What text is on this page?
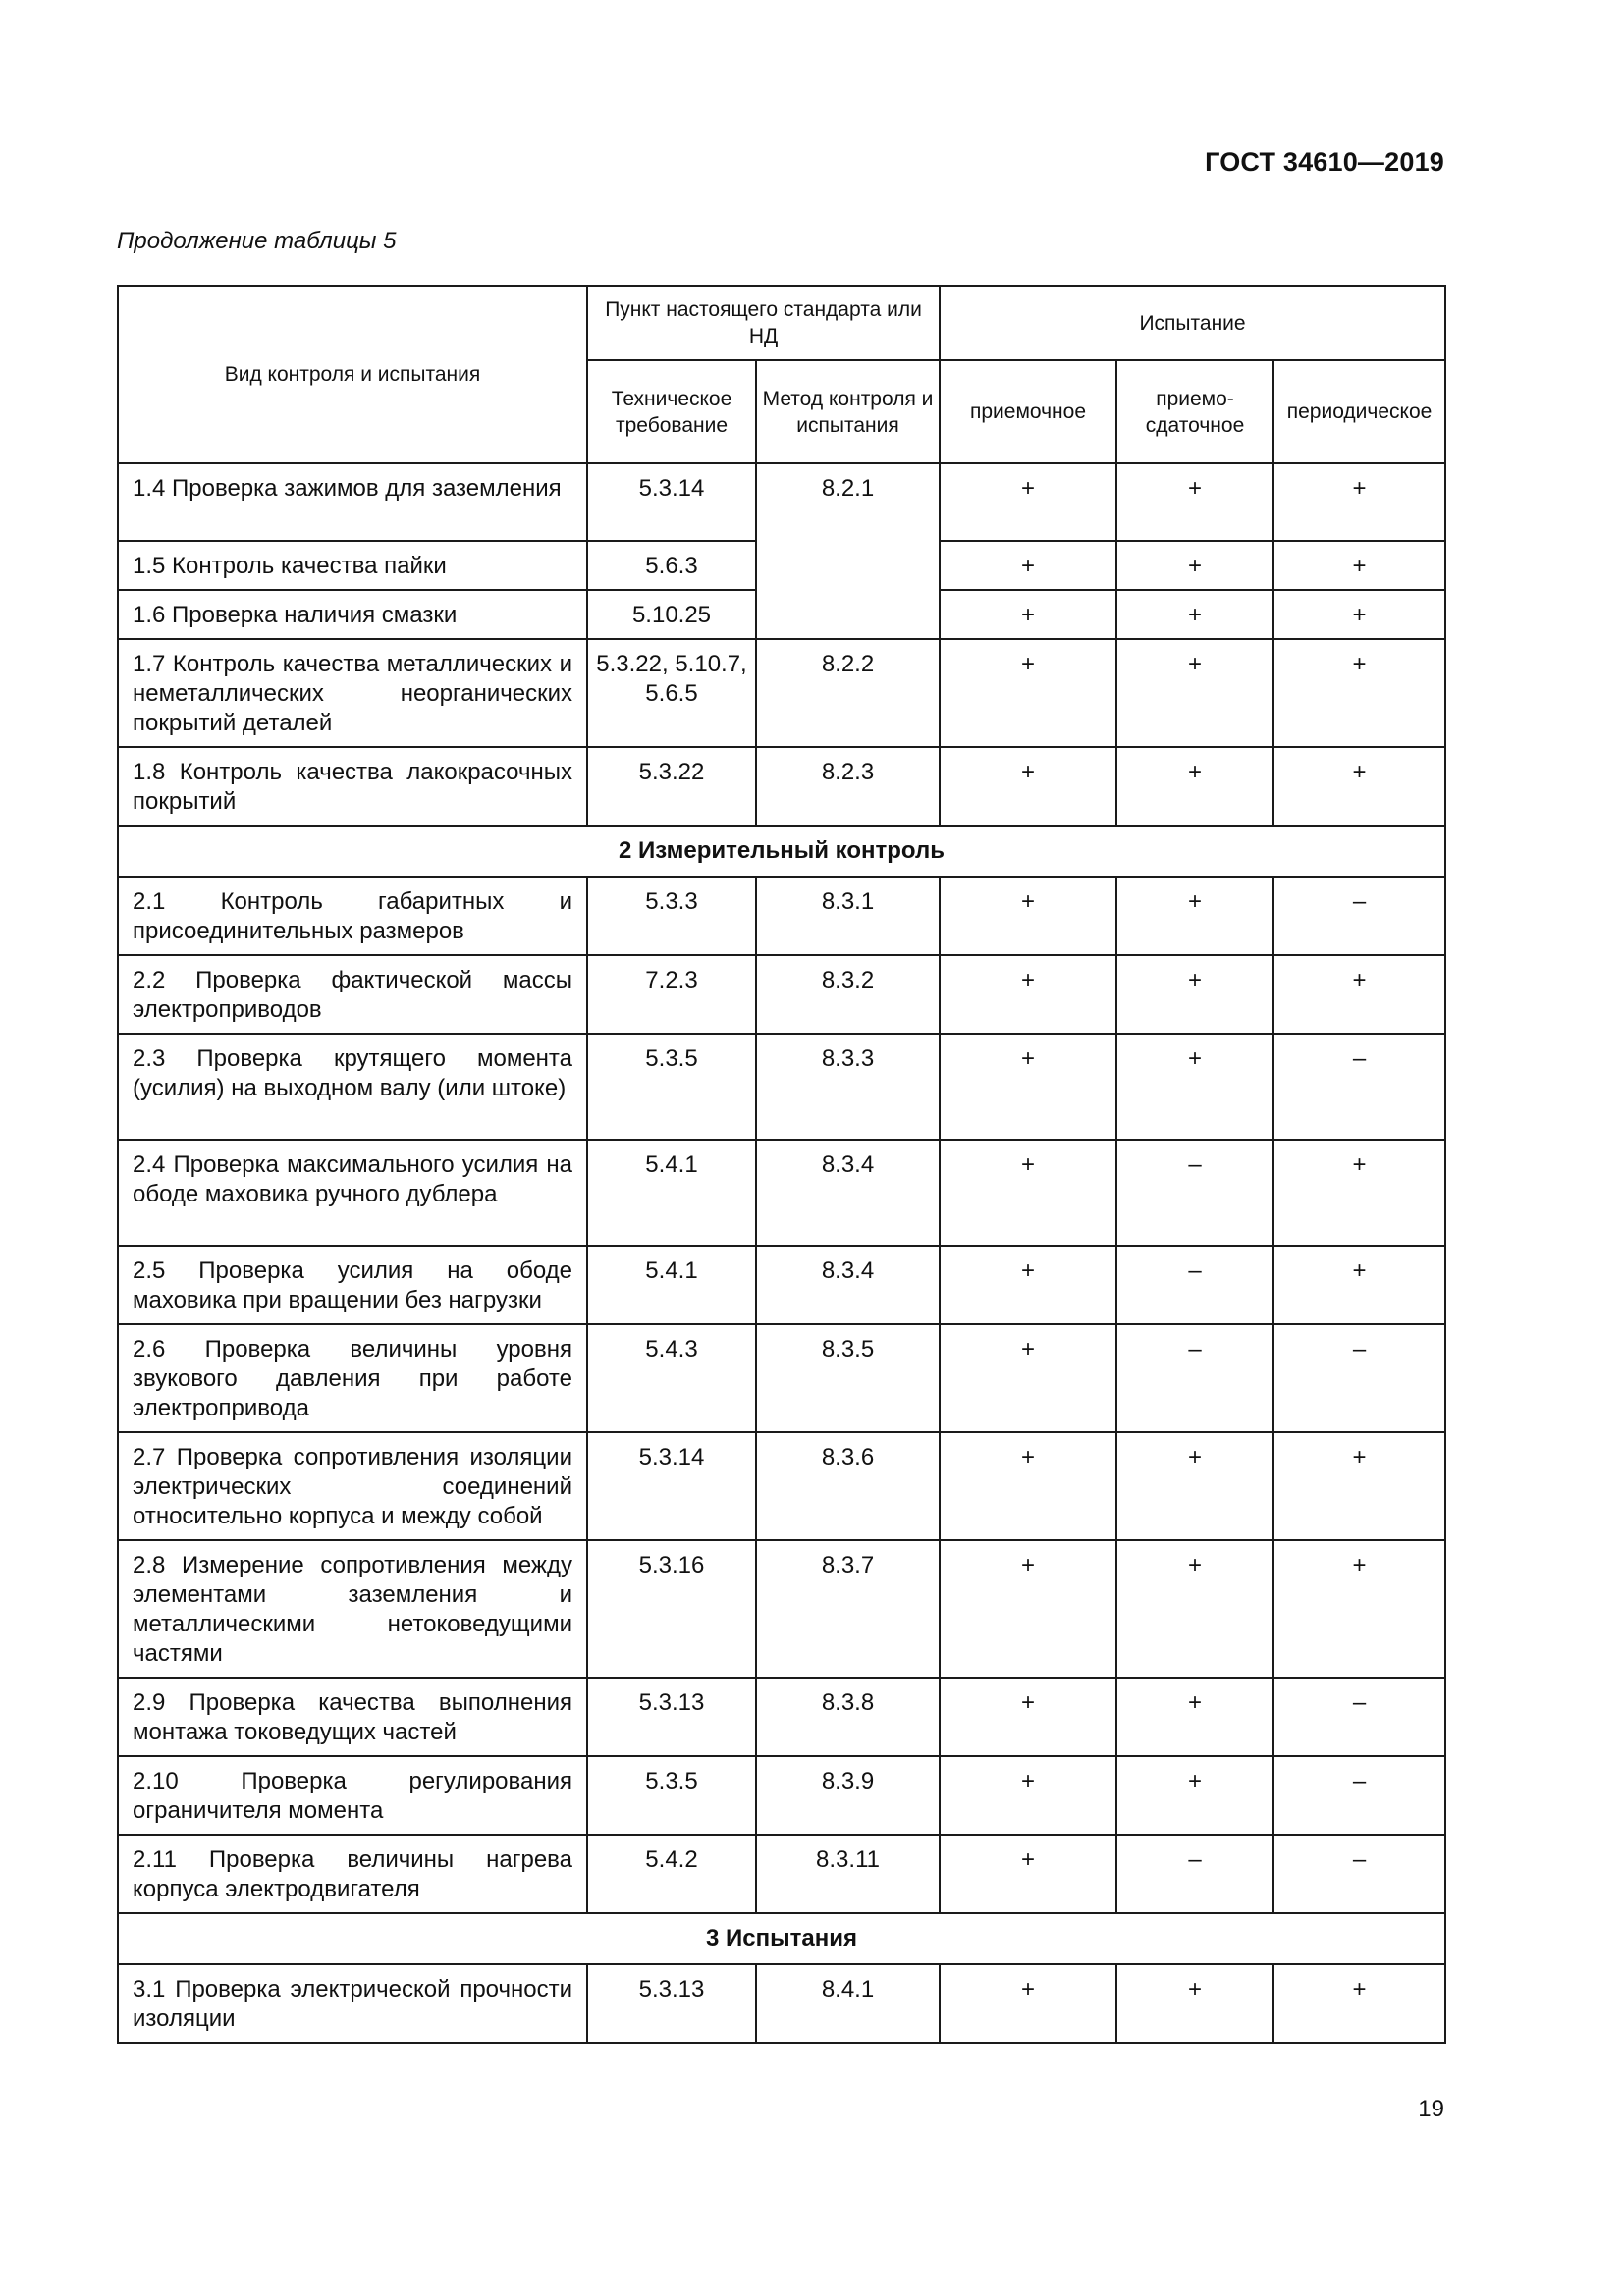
ГОСТ 34610—2019
Продолжение таблицы 5
Вид контроля и испытания	Пункт настоящего стандарта или НД		Испытание		
	Техническое требование	Метод контроля и испытания	приемочное	приемо-сдаточное	периодическое
1.4 Проверка зажимов для заземления	5.3.14	8.2.1	+	+	+
1.5 Контроль качества пайки	5.6.3		+	+	+
1.6 Проверка наличия смазки	5.10.25		+	+	+
1.7 Контроль качества металлических и неметаллических неорганических покрытий деталей	5.3.22, 5.10.7, 5.6.5	8.2.2	+	+	+
1.8 Контроль качества лакокрасочных покрытий	5.3.22	8.2.3	+	+	+
2 Измерительный контроль					
2.1 Контроль габаритных и присоединительных размеров	5.3.3	8.3.1	+	+	–
2.2 Проверка фактической массы электроприводов	7.2.3	8.3.2	+	+	+
2.3 Проверка крутящего момента (усилия) на выходном валу (или штоке)	5.3.5	8.3.3	+	+	–
2.4 Проверка максимального усилия на ободе маховика ручного дублера	5.4.1	8.3.4	+	–	+
2.5 Проверка усилия на ободе маховика при вращении без нагрузки	5.4.1	8.3.4	+	–	+
2.6 Проверка величины уровня звукового давления при работе электропривода	5.4.3	8.3.5	+	–	–
2.7 Проверка сопротивления изоляции электрических соединений относительно корпуса и между собой	5.3.14	8.3.6	+	+	+
2.8 Измерение сопротивления между элементами заземления и металлическими нетоковедущими частями	5.3.16	8.3.7	+	+	+
2.9 Проверка качества выполнения монтажа токоведущих частей	5.3.13	8.3.8	+	+	–
2.10 Проверка регулирования ограничителя момента	5.3.5	8.3.9	+	+	–
2.11 Проверка величины нагрева корпуса электродвигателя	5.4.2	8.3.11	+	–	–
3 Испытания					
3.1 Проверка электрической прочности изоляции	5.3.13	8.4.1	+	+	+
19
